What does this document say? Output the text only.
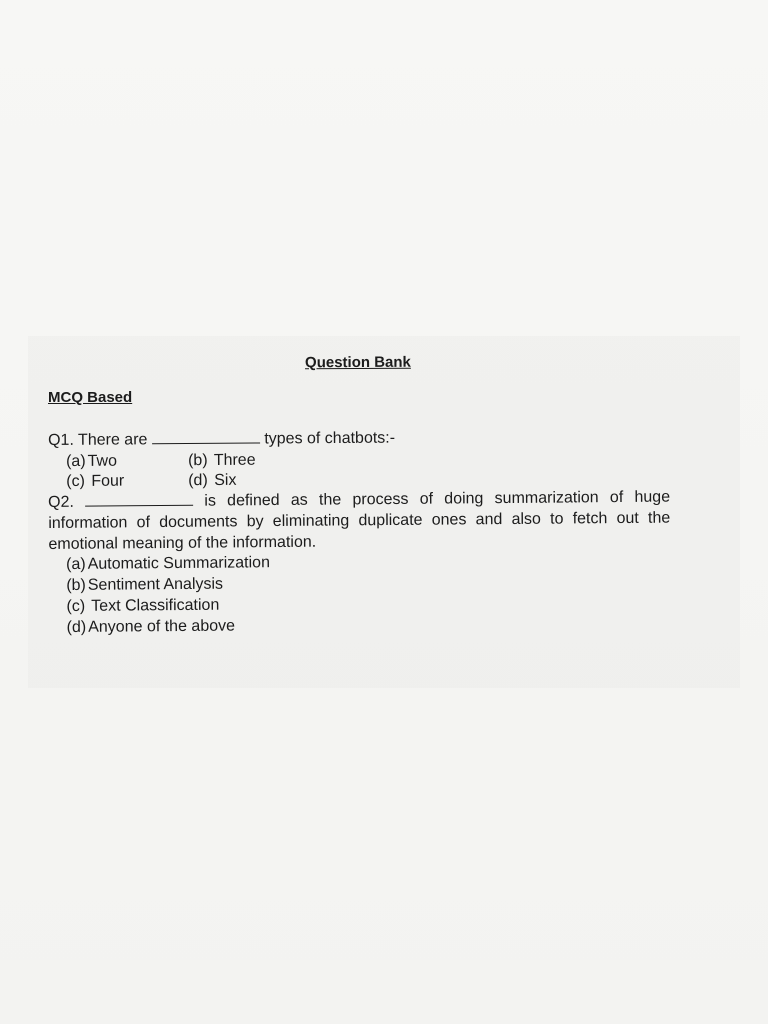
Question Bank
MCQ Based
Q1. There are	types of chatbots:-
(a) Two	(b) Three
(c) Four	(d) Six
Q2.	is defined as the process of doing summarization of huge
information of documents by eliminating duplicate ones and also to fetch out the
emotional meaning of the information.
(a) Automatic Summarization
(b) Sentiment Analysis
(c) Text Classification
(d) Anyone of the above
